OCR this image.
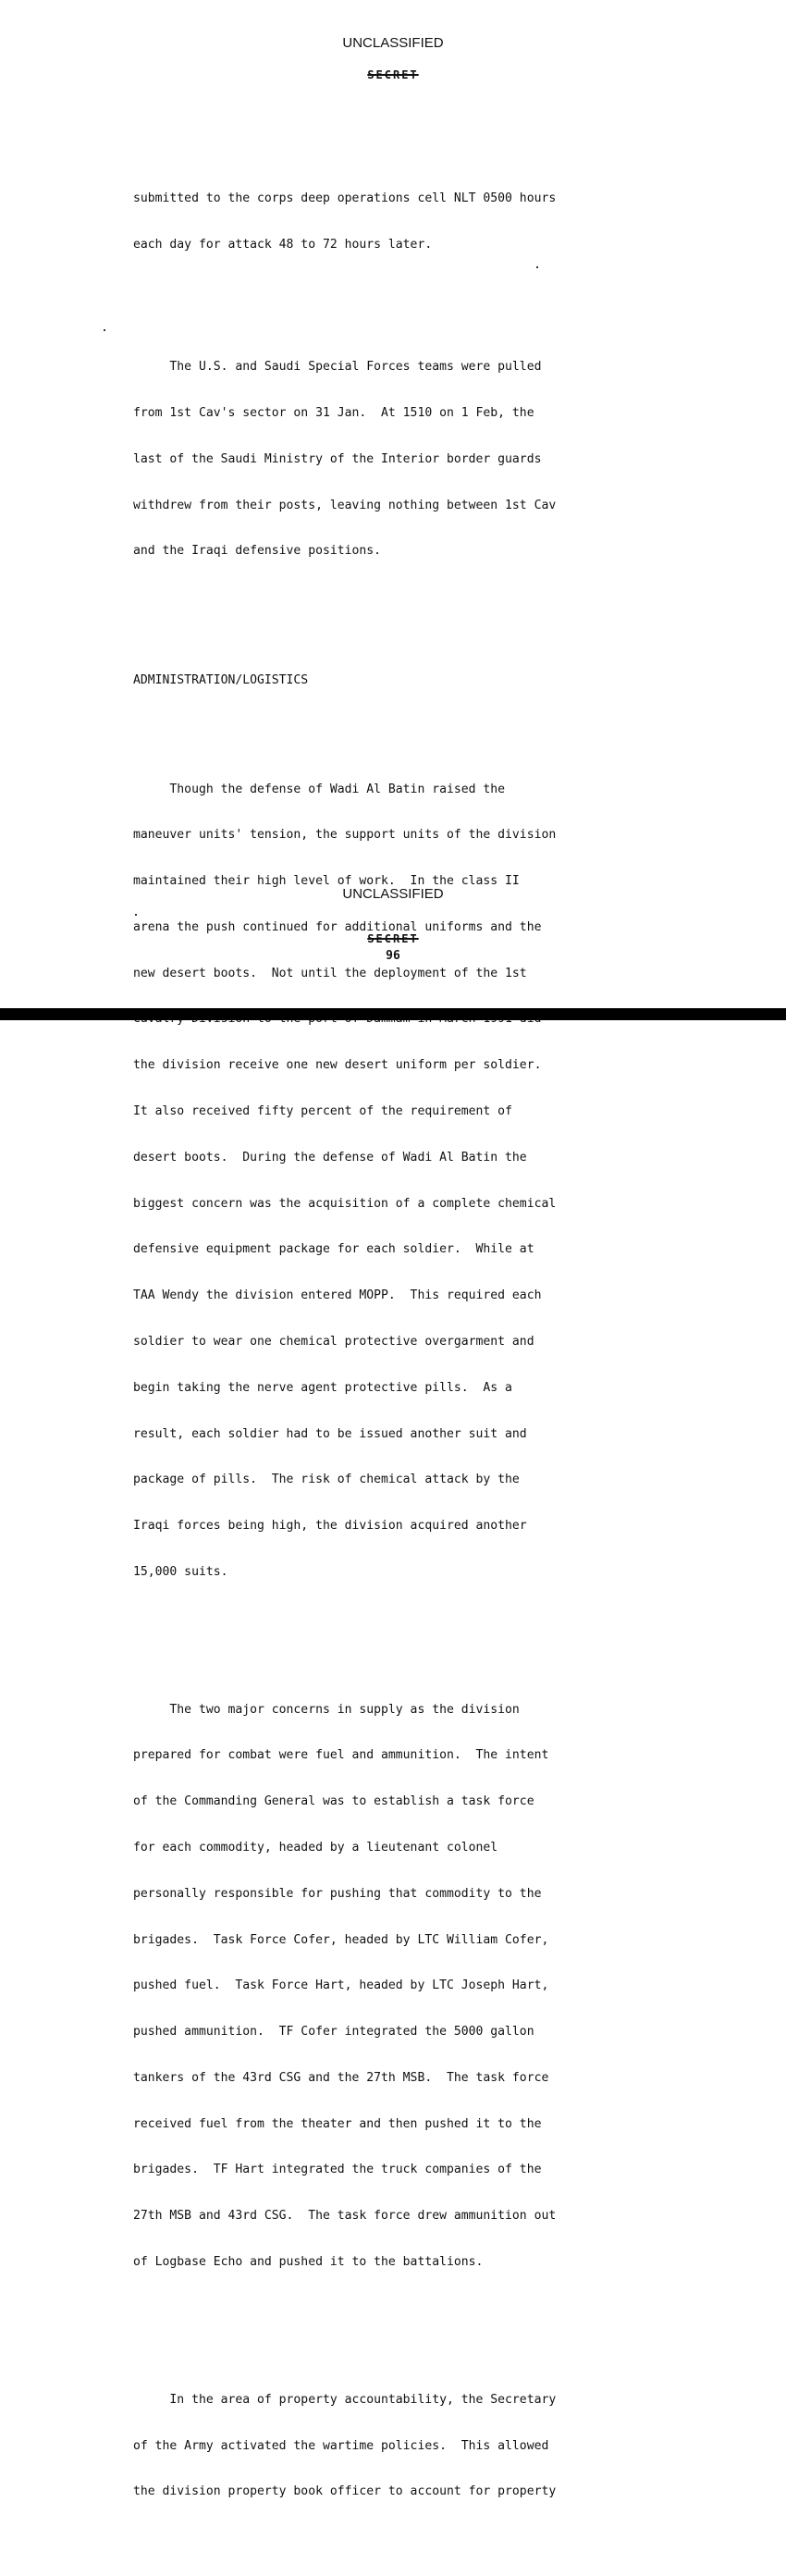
UNCLASSIFIED
SECRET

submitted to the corps deep operations cell NLT 0500 hours

each day for attack 48 to 72 hours later.

The U.S. and Saudi Special Forces teams were pulled

from 1st Cav's sector on 31 Jan.  At 1510 on 1 Feb, the

last of the Saudi Ministry of the Interior border guards

withdrew from their posts, leaving nothing between 1st Cav

and the Iraqi defensive positions.

ADMINISTRATION/LOGISTICS

Though the defense of Wadi Al Batin raised the

maneuver units' tension, the support units of the division

maintained their high level of work.  In the class II

arena the push continued for additional uniforms and the

new desert boots.  Not until the deployment of the 1st

the division receive one new desert uniform per soldier.

It also received fifty percent of the requirement of

desert boots.  During the defense of Wadi Al Batin the

biggest concern was the acquisition of a complete chemical

defensive equipment package for each soldier.  While at

TAA Wendy the division entered MOPP.  This required each

soldier to wear one chemical protective overgarment and

begin taking the nerve agent protective pills.  As a

result, each soldier had to be issued another suit and

package of pills.  The risk of chemical attack by the

Iraqi forces being high, the division acquired another

15,000 suits.

The two major concerns in supply as the division

prepared for combat were fuel and ammunition.  The intent

of the Commanding General was to establish a task force

for each commodity, headed by a lieutenant colonel

personally responsible for pushing that commodity to the

brigades.  Task Force Cofer, headed by LTC William Cofer,

pushed fuel.  Task Force Hart, headed by LTC Joseph Hart,

pushed ammunition.  TF Cofer integrated the 5000 gallon

tankers of the 43rd CSG and the 27th MSB.  The task force

received fuel from the theater and then pushed it to the

brigades.  TF Hart integrated the truck companies of the

27th MSB and 43rd CSG.  The task force drew ammunition out

of Logbase Echo and pushed it to the battalions.

In the area of property accountability, the Secretary

of the Army activated the wartime policies.  This allowed

the division property book officer to account for property

UNCLASSIFIED
SECRET
96
